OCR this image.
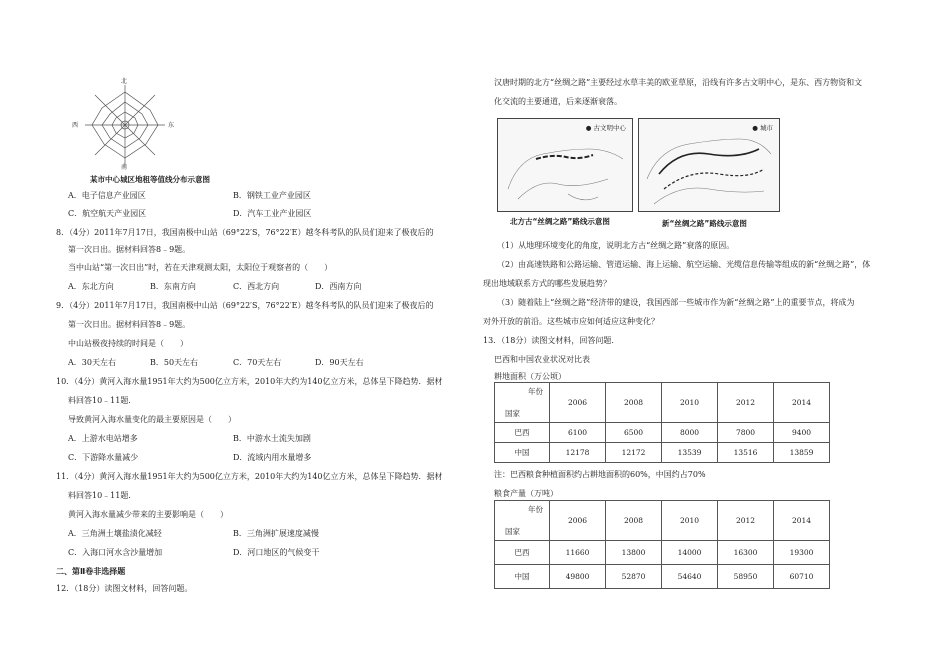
北
南
西	东
某市中心城区地租等值线分布示意图
A．电子信息产业园区	B．钢铁工业产业园区
C．航空航天产业园区	D．汽车工业产业园区
8．（4分）2011年7月17日，我国南极中山站（69°22′S，76°22′E）越冬科考队的队员们迎来了极夜后的
第一次日出。据材料回答8﹣9题。
当中山站“第一次日出”时，若在天津观测太阳，太阳位于观察者的（　　）
A．东北方向	B．东南方向	C．西北方向	D．西南方向
9．（4分）2011年7月17日，我国南极中山站（69°22′S，76°22′E）越冬科考队的队员们迎来了极夜后的
第一次日出。据材料回答8﹣9题。
中山站极夜持续的时间是（　　）
A．30天左右	B．50天左右	C．70天左右	D．90天左右
10．（4分）黄河入海水量1951年大约为500亿立方米，2010年大约为140亿立方米，总体呈下降趋势．据材
料回答10﹣11题．
导致黄河入海水量变化的最主要原因是（　　）
A．上游水电站增多	B．中游水土流失加剧
C．下游降水量减少	D．流域内用水量增多
11．（4分）黄河入海水量1951年大约为500亿立方米，2010年大约为140亿立方米，总体呈下降趋势．据材
料回答10﹣11题．
黄河入海水量减少带来的主要影响是（　　）
A．三角洲土壤盐渍化减轻	B．三角洲扩展速度减慢
C．入海口河水含沙量增加	D．河口地区的气候变干
二、第Ⅱ卷非选择题
12．（18分）读图文材料，回答问题。
汉唐时期的北方“丝绸之路”主要经过水草丰美的欧亚草原，沿线有许多古文明中心，是东、西方物资和文
化交流的主要通道，后来逐渐衰落。
● 古文明中心	● 城市
北方古“丝绸之路”路线示意图	新“丝绸之路”路线示意图
（1）从地理环境变化的角度，说明北方古“丝绸之路”衰落的原因。
（2）由高速铁路和公路运输、管道运输、海上运输、航空运输、光缆信息传输等组成的新“丝绸之路”，体
现出地域联系方式的哪些发展趋势？
（3）随着陆上“丝绸之路”经济带的建设，我国西部一些城市作为新“丝绸之路”上的重要节点，将成为
对外开放的前沿。这些城市应如何适应这种变化？
13．（18分）读图文材料，回答问题．
巴西和中国农业状况对比表
耕地面积（万公顷）
年份
国家	2006	2008	2010	2012	2014
巴西	6100	6500	8000	7800	9400
中国	12178	12172	13539	13516	13859
注：巴西粮食种植面积约占耕地面积的60%，中国约占70%
粮食产量（万吨）
年份
国家	2006	2008	2010	2012	2014
巴西	11660	13800	14000	16300	19300
中国	49800	52870	54640	58950	60710
